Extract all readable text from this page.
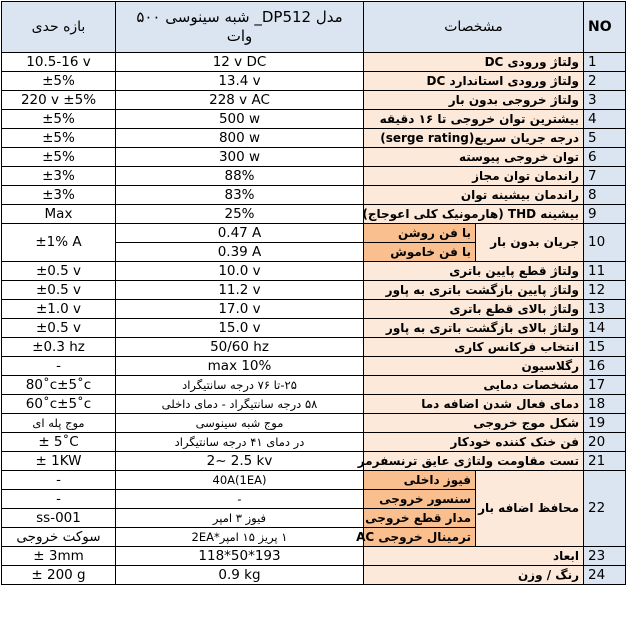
بازه حدی	مدل DP512_ شبه سینوسی ۵۰۰
وات	مشخصات		NO
10.5-16 v	12 v DC	ولتاژ ورودی DC		1
±5%	13.4 v	ولتاژ ورودی استاندارد DC		2
220 v ±5%	228 v AC	ولتاژ خروجی بدون بار		3
±5%	500 w	بیشترین توان خروجی تا ۱۶ دقیقه		4
±5%	800 w	درجه جریان سریع(serge rating)		5
±5%	300 w	توان خروجی پیوسته		6
±3%	88%	راندمان توان مجاز		7
±3%	83%	راندمان بیشینه توان		8
Max	25%	بیشینه THD (هارمونیک کلی اعوجاج)		9
±1% A	0.47 A	با فن روشن	جریان بدون بار	10
	0.39 A	با فن خاموش		
±0.5 v	10.0 v	ولتاژ قطع پایین باتری		11
±0.5 v	11.2 v	ولتاژ پایین بازگشت باتری به پاور		12
±1.0 v	17.0 v	ولتاژ بالای قطع باتری		13
±0.5 v	15.0 v	ولتاژ بالای بازگشت باتری به پاور		14
±0.3 hz	50/60 hz	انتخاب فرکانس کاری		15
-	max 10%	رگلاسیون		16
80˚c±5˚c	۲۵-تا ۷۶ درجه سانتیگراد	مشخصات دمایی		17
60˚c±5˚c	۵۸ درجه سانتیگراد - دمای داخلی	دمای فعال شدن اضافه دما		18
موج پله ای	موج شبه سینوسی	شکل موج خروجی		19
± 5˚C	در دمای ۴۱ درجه سانتیگراد	فن خنک کننده خودکار		20
± 1KW	2~ 2.5 kv	تست مقاومت ولتاژی عایق ترنسفرمر		21
-	40A(1EA)	فیوز داخلی	محافظ اضافه بار	22
-	-	سنسور خروجی		
ss-001	فیوز ۳ امپر	مدار قطع خروجی		
سوکت خروجی	۱ پریز ۱۵ امپر*2EA	ترمینال خروجی AC		
± 3mm	118*50*193	ابعاد		23
± 200 g	0.9 kg	رنگ / وزن		24
